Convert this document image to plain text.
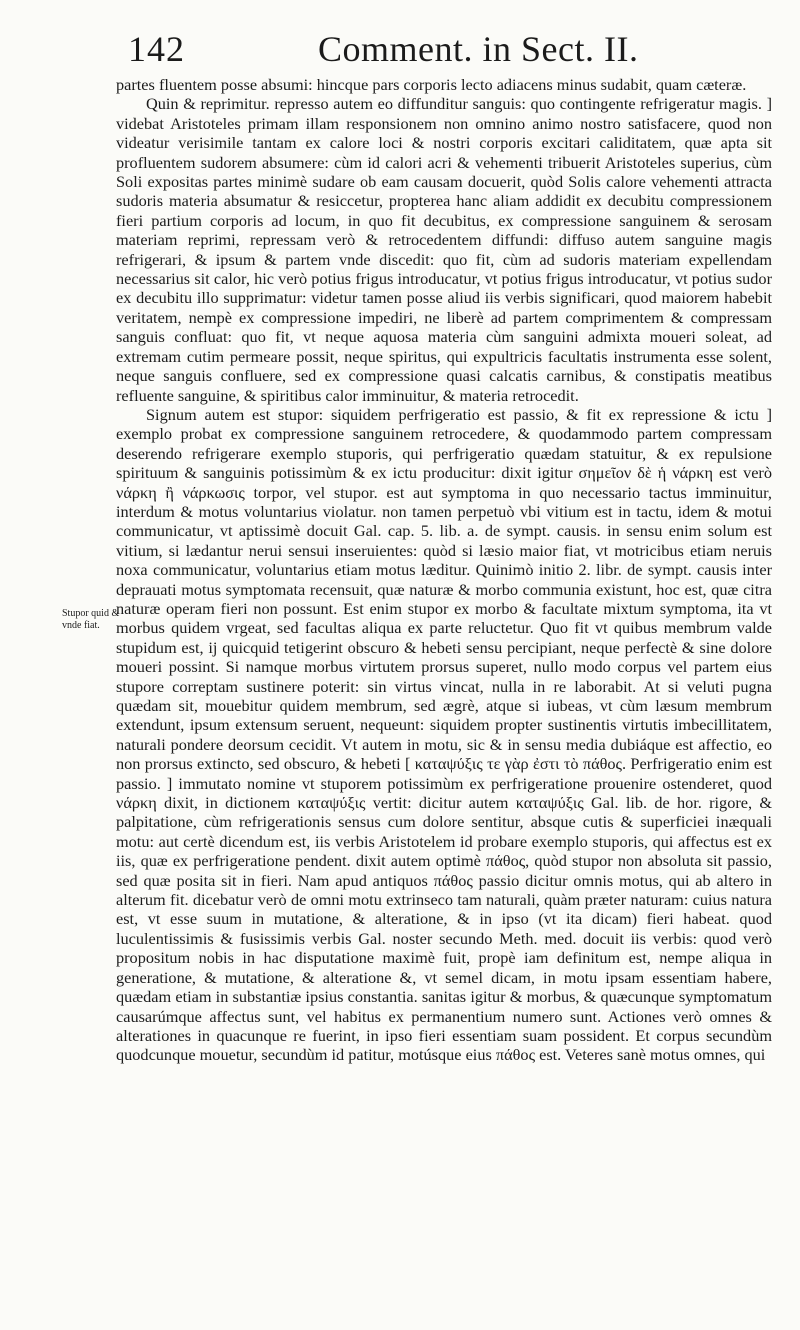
142	Comment. in Sect. II.
Stupor quid & vnde fiat.

partes fluentem posse absumi: hincque pars corporis lecto adiacens minus sudabit, quam cæteræ.

Quin & reprimitur. represso autem eo diffunditur sanguis: quo contingente refrigeratur magis. ] videbat Aristoteles primam illam responsionem non omnino animo nostro satisfacere, quod non videatur verisimile tantam ex calore loci & nostri corporis excitari caliditatem, quæ apta sit profluentem sudorem absumere: cùm id calori acri & vehementi tribuerit Aristoteles superius, cùm Soli expositas partes minimè sudare ob eam causam docuerit, quòd Solis calore vehementi attracta sudoris materia absumatur & resiccetur, propterea hanc aliam addidit ex decubitu compressionem fieri partium corporis ad locum, in quo fit decubitus, ex compressione sanguinem & serosam materiam reprimi, repressam verò & retrocedentem diffundi: diffuso autem sanguine magis refrigerari, & ipsum & partem vnde discedit: quo fit, cùm ad sudoris materiam expellendam necessarius sit calor, hic verò potius frigus introducatur, vt potius frigus introducatur, vt potius sudor ex decubitu illo supprimatur: videtur tamen posse aliud iis verbis significari, quod maiorem habebit veritatem, nempè ex compressione impediri, ne liberè ad partem comprimentem & compressam sanguis confluat: quo fit, vt neque aquosa materia cùm sanguini admixta moueri soleat, ad extremam cutim permeare possit, neque spiritus, qui expultricis facultatis instrumenta esse solent, neque sanguis confluere, sed ex compressione quasi calcatis carnibus, & constipatis meatibus refluente sanguine, & spiritibus calor imminuitur, & materia retrocedit.

Signum autem est stupor: siquidem perfrigeratio est passio, & fit ex repressione & ictu ] exemplo probat ex compressione sanguinem retrocedere, & quodammodo partem compressam deserendo refrigerare exemplo stuporis, qui perfrigeratio quædam statuitur, & ex repulsione spirituum & sanguinis potissimùm & ex ictu producitur: dixit igitur σημεῖον δὲ ἡ νάρκη est verò νάρκη ἢ νάρκωσις torpor, vel stupor. est aut symptoma in quo necessario tactus imminuitur, interdum & motus voluntarius violatur. non tamen perpetuò vbi vitium est in tactu, idem & motui communicatur, vt aptissimè docuit Gal. cap. 5. lib. a. de sympt. causis. in sensu enim solum est vitium, si lædantur nerui sensui inseruientes: quòd si læsio maior fiat, vt motricibus etiam neruis noxa communicatur, voluntarius etiam motus læditur. Quinimò initio 2. libr. de sympt. causis inter deprauati motus symptomata recensuit, quæ naturæ & morbo communia existunt, hoc est, quæ citra naturæ operam fieri non possunt. Est enim stupor ex morbo & facultate mixtum symptoma, ita vt morbus quidem vrgeat, sed facultas aliqua ex parte reluctetur. Quo fit vt quibus membrum valde stupidum est, ij quicquid tetigerint obscuro & hebeti sensu percipiant, neque perfectè & sine dolore moueri possint. Si namque morbus virtutem prorsus superet, nullo modo corpus vel partem eius stupore correptam sustinere poterit: sin virtus vincat, nulla in re laborabit. At si veluti pugna quædam sit, mouebitur quidem membrum, sed ægrè, atque si iubeas, vt cùm læsum membrum extendunt, ipsum extensum seruent, nequeunt: siquidem propter sustinentis virtutis imbecillitatem, naturali pondere deorsum cecidit. Vt autem in motu, sic & in sensu media dubiáque est affectio, eo non prorsus extincto, sed obscuro, & hebeti [ καταψύξις τε γὰρ ἐστι τὸ πάθος. Perfrigeratio enim est passio. ] immutato nomine vt stuporem potissimùm ex perfrigeratione prouenire ostenderet, quod νάρκη dixit, in dictionem καταψύξις vertit: dicitur autem καταψύξις Gal. lib. de hor. rigore, & palpitatione, cùm refrigerationis sensus cum dolore sentitur, absque cutis & superficiei inæquali motu: aut certè dicendum est, iis verbis Aristotelem id probare exemplo stuporis, qui affectus est ex iis, quæ ex perfrigeratione pendent. dixit autem optimè πάθος, quòd stupor non absoluta sit passio, sed quæ posita sit in fieri. Nam apud antiquos πάθος passio dicitur omnis motus, qui ab altero in alterum fit. dicebatur verò de omni motu extrinseco tam naturali, quàm præter naturam: cuius natura est, vt esse suum in mutatione, & alteratione, & in ipso (vt ita dicam) fieri habeat. quod luculentissimis & fusissimis verbis Gal. noster secundo Meth. med. docuit iis verbis: quod verò propositum nobis in hac disputatione maximè fuit, propè iam definitum est, nempe aliqua in generatione, & mutatione, & alteratione &, vt semel dicam, in motu ipsam essentiam habere, quædam etiam in substantiæ ipsius constantia. sanitas igitur & morbus, & quæcunque symptomatum causarúmque affectus sunt, vel habitus ex permanentium numero sunt. Actiones verò omnes & alterationes in quacunque re fuerint, in ipso fieri essentiam suam possident. Et corpus secundùm quodcunque mouetur, secundùm id patitur, motúsque eius πάθος est. Veteres sanè motus omnes, qui
